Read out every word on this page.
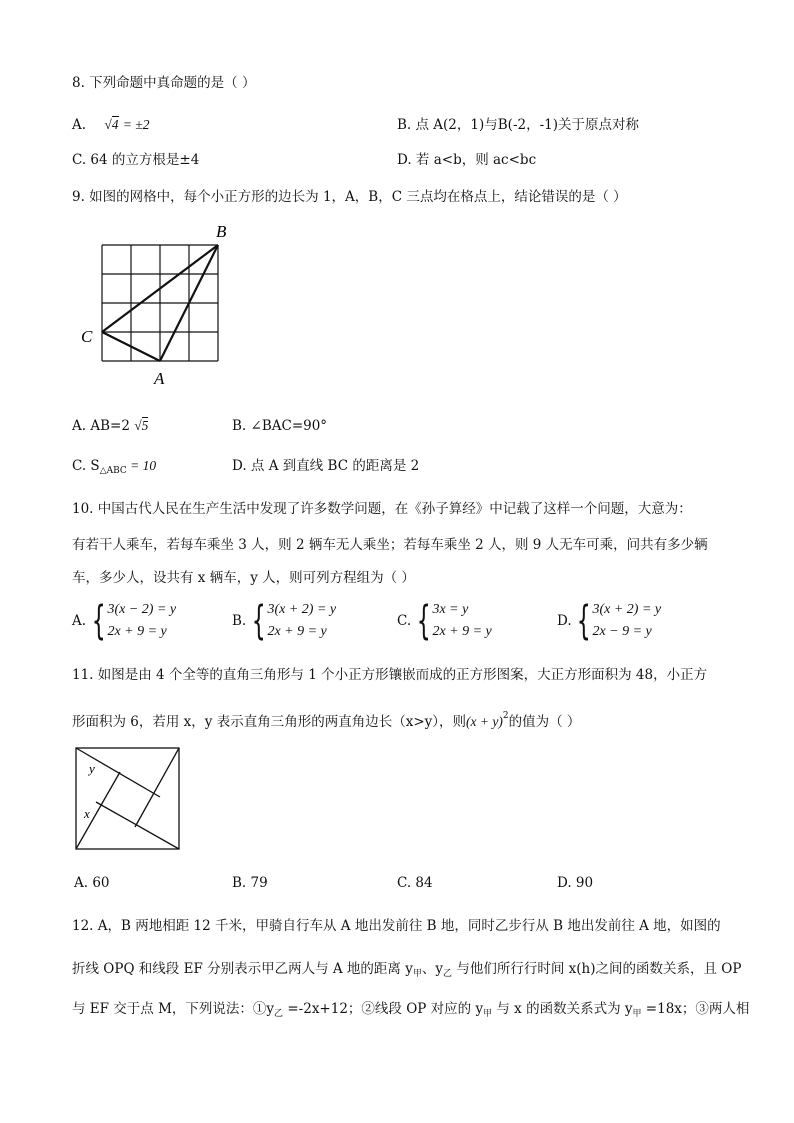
8. 下列命题中真命题的是（ ）
A. √4 = ±2	B. 点 A(2，1)与B(-2，-1)关于原点对称
C. 64 的立方根是±4	D. 若 a<b，则 ac<bc
9. 如图的网格中，每个小正方形的边长为 1，A，B，C 三点均在格点上，结论错误的是（ ）
B
C
A
A. AB=2 √5	B. ∠BAC=90°
C. $S_{\triangle ABC} = 10$	D. 点 A 到直线 BC 的距离是 2
10. 中国古代人民在生产生活中发现了许多数学问题，在《孙子算经》中记载了这样一个问题，大意为：
有若干人乘车，若每车乘坐 3 人，则 2 辆车无人乘坐；若每车乘坐 2 人，则 9 人无车可乘，问共有多少辆
车，多少人，设共有 x 辆车，y 人，则可列方程组为（ ）
A. { 3(x − 2) = y
2x + 9 = y
B. { 3(x + 2) = y
2x + 9 = y
C. { 3x = y
2x + 9 = y
D. { 3(x + 2) = y
2x − 9 = y
11. 如图是由 4 个全等的直角三角形与 1 个小正方形镶嵌而成的正方形图案，大正方形面积为 48，小正方
形面积为 6，若用 x，y 表示直角三角形的两直角边长（x>y），则$(x + y)^2$的值为（ ）
y
x
A. 60	B. 79	C. 84	D. 90
12. A，B 两地相距 12 千米，甲骑自行车从 A 地出发前往 B 地，同时乙步行从 B 地出发前往 A 地，如图的
折线 OPQ 和线段 EF 分别表示甲乙两人与 A 地的距离 $y_甲$、$y_乙$ 与他们所行行时间 x(h)之间的函数关系，且 OP
与 EF 交于点 M，下列说法：$①y_乙 =-2x+12$；②线段 OP 对应的 $y_甲$ 与 x 的函数关系式为 $y_甲 =18x$；③两人相
